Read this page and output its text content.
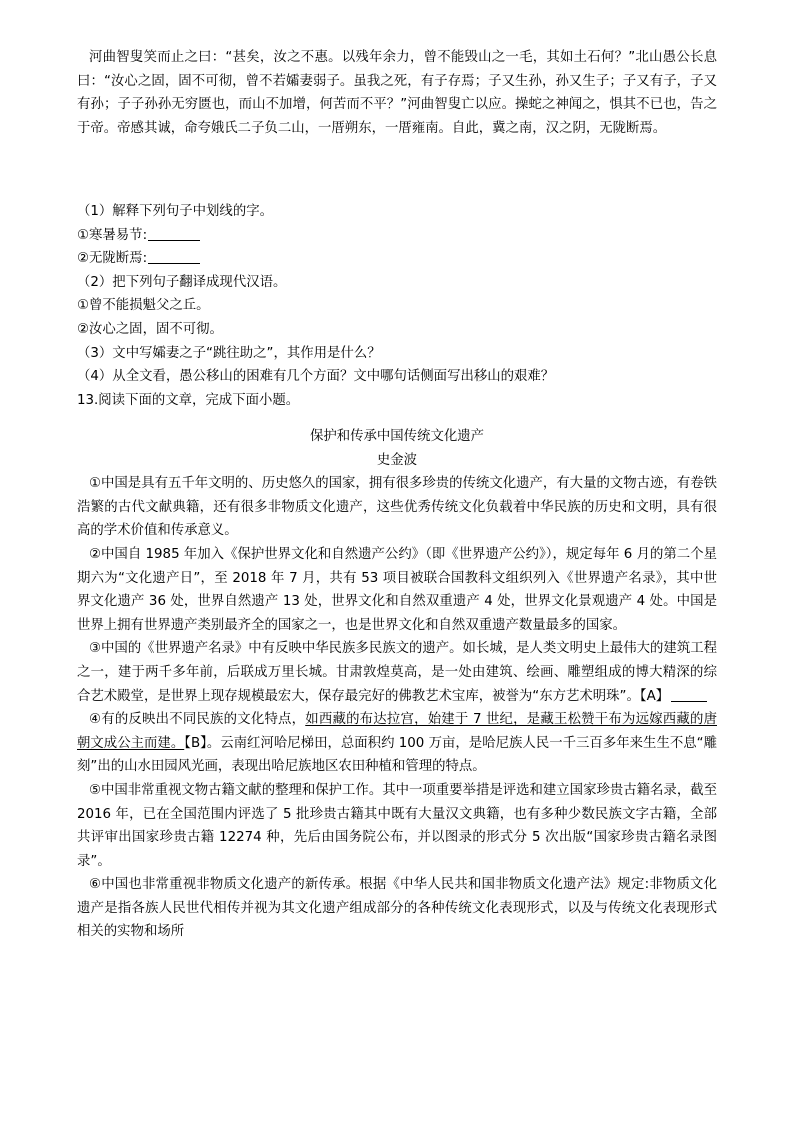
河曲智叟笑而止之曰：“甚矣，汝之不惠。以残年余力，曾不能毁山之一毛，其如土石何？”北山愚公长息曰：“汝心之固，固不可彻，曾不若孀妻弱子。虽我之死，有子存焉；子又生孙，孙又生子；子又有子，子又有孙；子子孙孙无穷匮也，而山不加增，何苦而不平？”河曲智叟亡以应。操蛇之神闻之，惧其不已也，告之于帝。帝感其诚，命夸娥氏二子负二山，一厝朔东，一厝雍南。自此，冀之南，汉之阴，无陇断焉。

（1）解释下列句子中划线的字。

①寒暑易节:

②无陇断焉:

（2）把下列句子翻译成现代汉语。

①曾不能损魁父之丘。

②汝心之固，固不可彻。

（3）文中写孀妻之子“跳往助之”，其作用是什么？

（4）从全文看，愚公移山的困难有几个方面？文中哪句话侧面写出移山的艰难？

13.阅读下面的文章，完成下面小题。

保护和传承中国传统文化遗产

史金波

①中国是具有五千年文明的、历史悠久的国家，拥有很多珍贵的传统文化遗产，有大量的文物古迹，有卷铁浩繁的古代文献典籍，还有很多非物质文化遗产，这些优秀传统文化负载着中华民族的历史和文明，具有很高的学术价值和传承意义。

②中国自 1985 年加入《保护世界文化和自然遗产公约》（即《世界遗产公约》），规定每年 6 月的第二个星期六为“文化遗产日”，至 2018 年 7 月，共有 53 项目被联合国教科文组织列入《世界遗产名录》，其中世界文化遗产 36 处，世界自然遗产 13 处，世界文化和自然双重遗产 4 处，世界文化景观遗产 4 处。中国是世界上拥有世界遗产类别最齐全的国家之一，也是世界文化和自然双重遗产数量最多的国家。

③中国的《世界遗产名录》中有反映中华民族多民族文的遗产。如长城，是人类文明史上最伟大的建筑工程之一，建于两千多年前，后联成万里长城。甘肃敦煌莫高，是一处由建筑、绘画、雕塑组成的博大精深的综合艺术殿堂，是世界上现存规模最宏大，保存最完好的佛教艺术宝库，被誉为“东方艺术明珠”。【A】

④有的反映出不同民族的文化特点，如西藏的布达拉宫，始建于 7 世纪，是藏王松赞干布为远嫁西藏的唐朝文成公主而建。【B】。云南红河哈尼梯田，总面积约 100 万亩，是哈尼族人民一千三百多年来生生不息“雕刻”出的山水田园风光画，表现出哈尼族地区农田种植和管理的特点。

⑤中国非常重视文物古籍文献的整理和保护工作。其中一项重要举措是评选和建立国家珍贵古籍名录，截至 2016 年，已在全国范围内评选了 5 批珍贵古籍其中既有大量汉文典籍，也有多种少数民族文字古籍，全部共评审出国家珍贵古籍 12274 种，先后由国务院公布，并以图录的形式分 5 次出版“国家珍贵古籍名录图录”。

⑥中国也非常重视非物质文化遗产的新传承。根据《中华人民共和国非物质文化遗产法》规定:非物质文化遗产是指各族人民世代相传并视为其文化遗产组成部分的各种传统文化表现形式，以及与传统文化表现形式相关的实物和场所
